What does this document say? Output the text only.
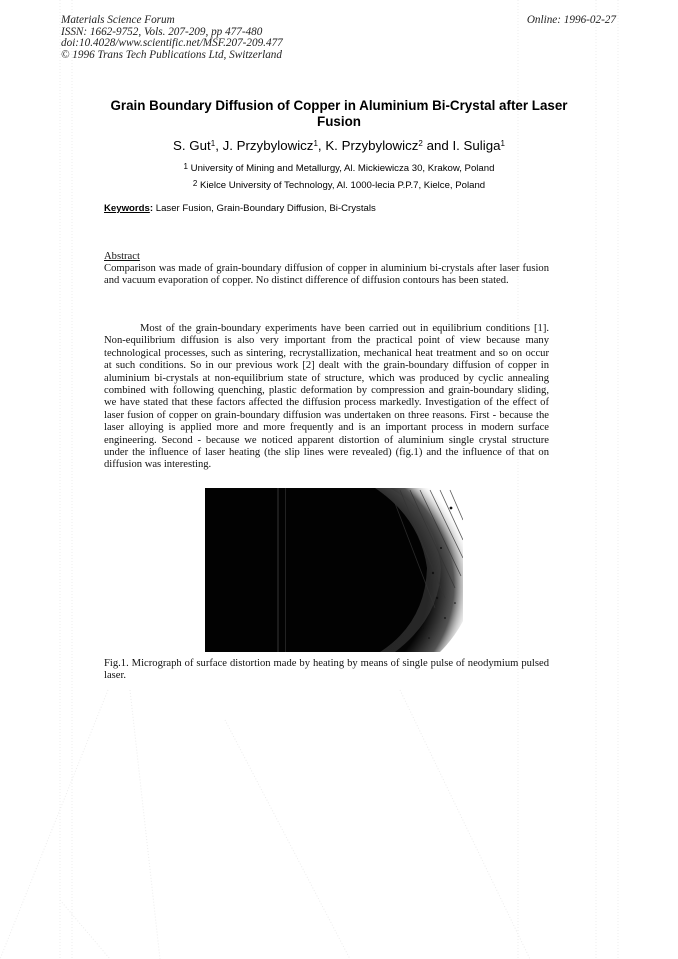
Materials Science Forum
ISSN: 1662-9752, Vols. 207-209, pp 477-480
doi:10.4028/www.scientific.net/MSF.207-209.477
© 1996 Trans Tech Publications Ltd, Switzerland
Online: 1996-02-27
Grain Boundary Diffusion of Copper in Aluminium Bi-Crystal after Laser Fusion
S. Gut$^1$, J. Przybylowicz$^1$, K. Przybylowicz$^2$ and I. Suliga$^1$
$^1$ University of Mining and Metallurgy, Al. Mickiewicza 30, Krakow, Poland
$^2$ Kielce University of Technology, Al. 1000-lecia P.P.7, Kielce, Poland
Keywords: Laser Fusion, Grain-Boundary Diffusion, Bi-Crystals
Abstract
Comparison was made of grain-boundary diffusion of copper in aluminium bi-crystals after laser fusion and vacuum evaporation of copper. No distinct difference of diffusion contours has been stated.
Most of the grain-boundary experiments have been carried out in equilibrium conditions [1]. Non-equilibrium diffusion is also very important from the practical point of view because many technological processes, such as sintering, recrystallization, mechanical heat treatment and so on occur at such conditions. So in our previous work [2] dealt with the grain-boundary diffusion of copper in aluminium bi-crystals at non-equilibrium state of structure, which was produced by cyclic annealing combined with following quenching, plastic deformation by compression and grain-boundary sliding, we have stated that these factors affected the diffusion process markedly. Investigation of the effect of laser fusion of copper on grain-boundary diffusion was undertaken on three reasons. First - because the laser alloying is applied more and more frequently and is an important process in modern surface engineering. Second - because we noticed apparent distortion of aluminium single crystal structure under the influence of laser heating (the slip lines were revealed) (fig.1) and the influence of that on diffusion was interesting.
Fig.1. Micrograph of surface distortion made by heating by means of single pulse of neodymium pulsed laser.
